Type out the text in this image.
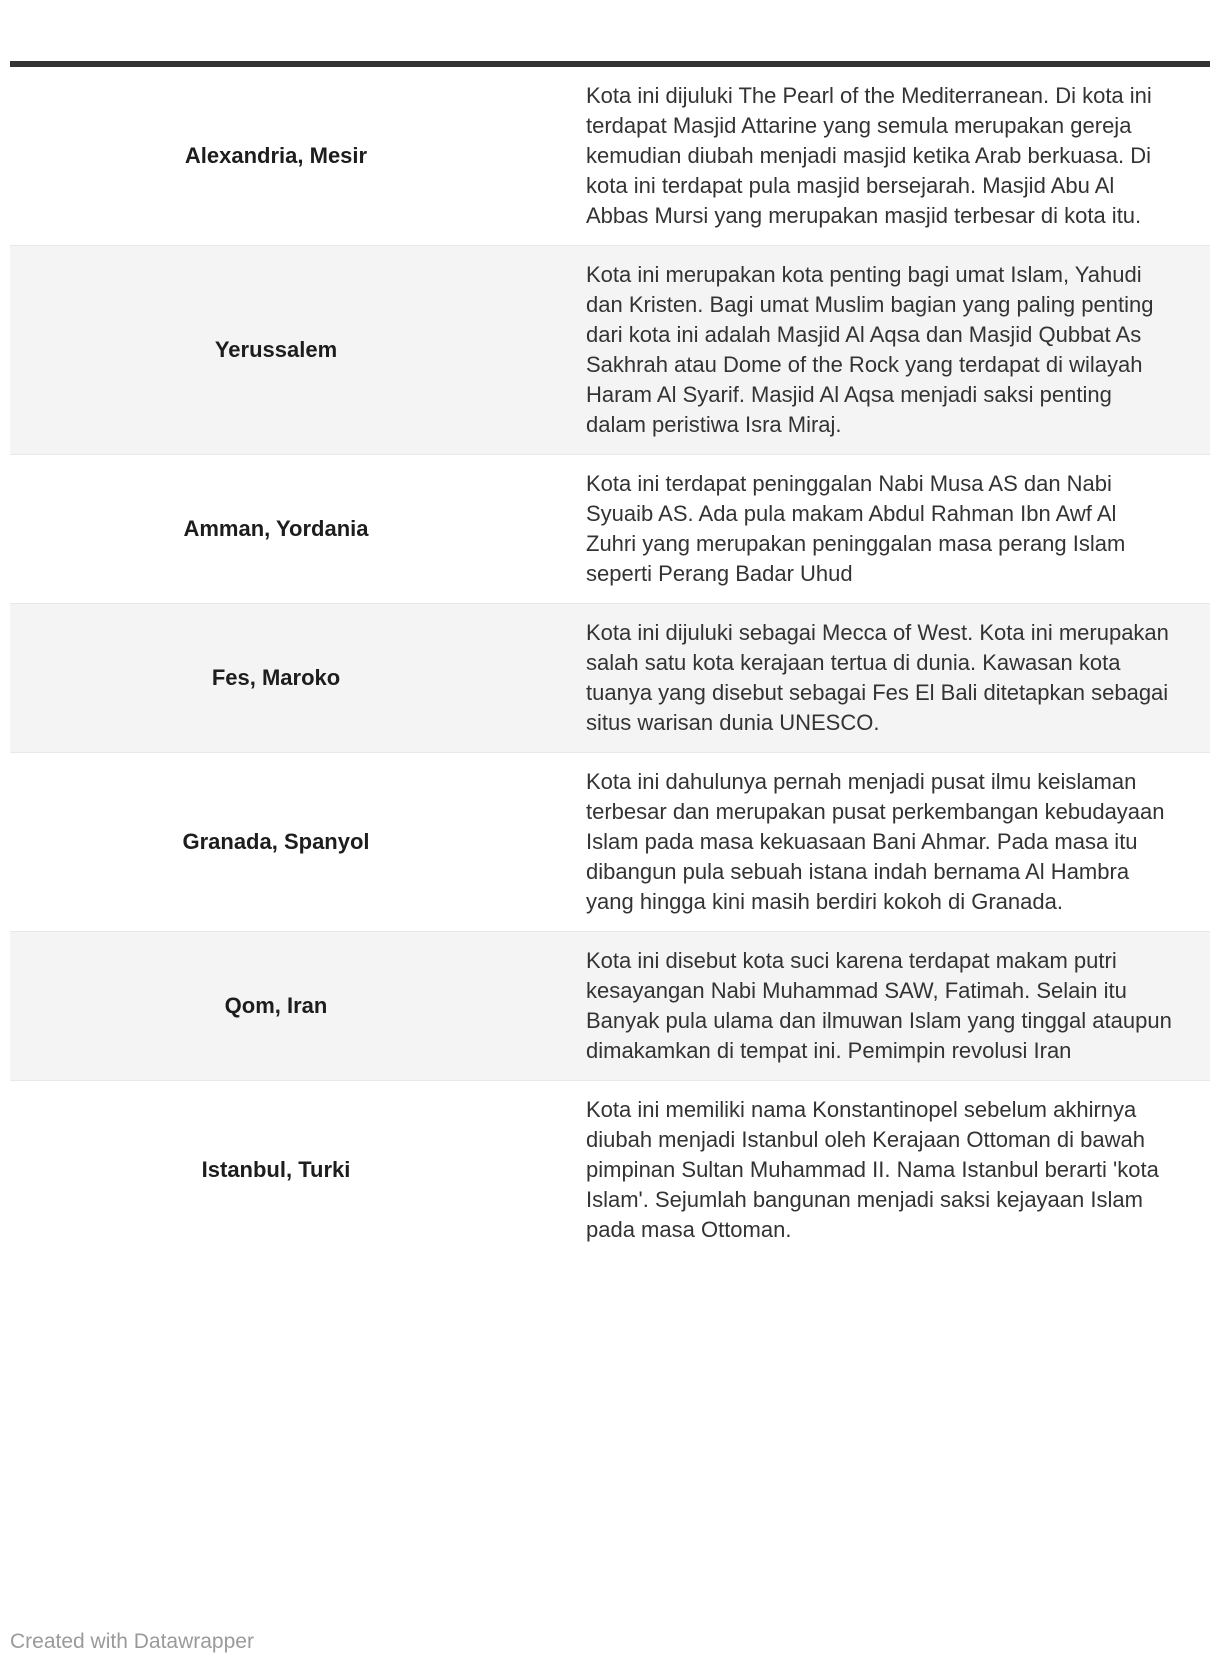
Alexandria, Mesir	Kota ini dijuluki The Pearl of the Mediterranean. Di kota ini terdapat Masjid Attarine yang semula merupakan gereja kemudian diubah menjadi masjid ketika Arab berkuasa. Di kota ini terdapat pula masjid bersejarah. Masjid Abu Al Abbas Mursi yang merupakan masjid terbesar di kota itu.
Yerussalem	Kota ini merupakan kota penting bagi umat Islam, Yahudi dan Kristen. Bagi umat Muslim bagian yang paling penting dari kota ini adalah Masjid Al Aqsa dan Masjid Qubbat As Sakhrah atau Dome of the Rock yang terdapat di wilayah Haram Al Syarif. Masjid Al Aqsa menjadi saksi penting dalam peristiwa Isra Miraj.
Amman, Yordania	Kota ini terdapat peninggalan Nabi Musa AS dan Nabi Syuaib AS. Ada pula makam Abdul Rahman Ibn Awf Al Zuhri yang merupakan peninggalan masa perang Islam seperti Perang Badar Uhud
Fes, Maroko	Kota ini dijuluki sebagai Mecca of West. Kota ini merupakan salah satu kota kerajaan tertua di dunia. Kawasan kota tuanya yang disebut sebagai Fes El Bali ditetapkan sebagai situs warisan dunia UNESCO.
Granada, Spanyol	Kota ini dahulunya pernah menjadi pusat ilmu keislaman terbesar dan merupakan pusat perkembangan kebudayaan Islam pada masa kekuasaan Bani Ahmar. Pada masa itu dibangun pula sebuah istana indah bernama Al Hambra yang hingga kini masih berdiri kokoh di Granada.
Qom, Iran	Kota ini disebut kota suci karena terdapat makam putri kesayangan Nabi Muhammad SAW, Fatimah. Selain itu Banyak pula ulama dan ilmuwan Islam yang tinggal ataupun dimakamkan di tempat ini. Pemimpin revolusi Iran
Istanbul, Turki	Kota ini memiliki nama Konstantinopel sebelum akhirnya diubah menjadi Istanbul oleh Kerajaan Ottoman di bawah pimpinan Sultan Muhammad II. Nama Istanbul berarti 'kota Islam'. Sejumlah bangunan menjadi saksi kejayaan Islam pada masa Ottoman.
Created with Datawrapper
